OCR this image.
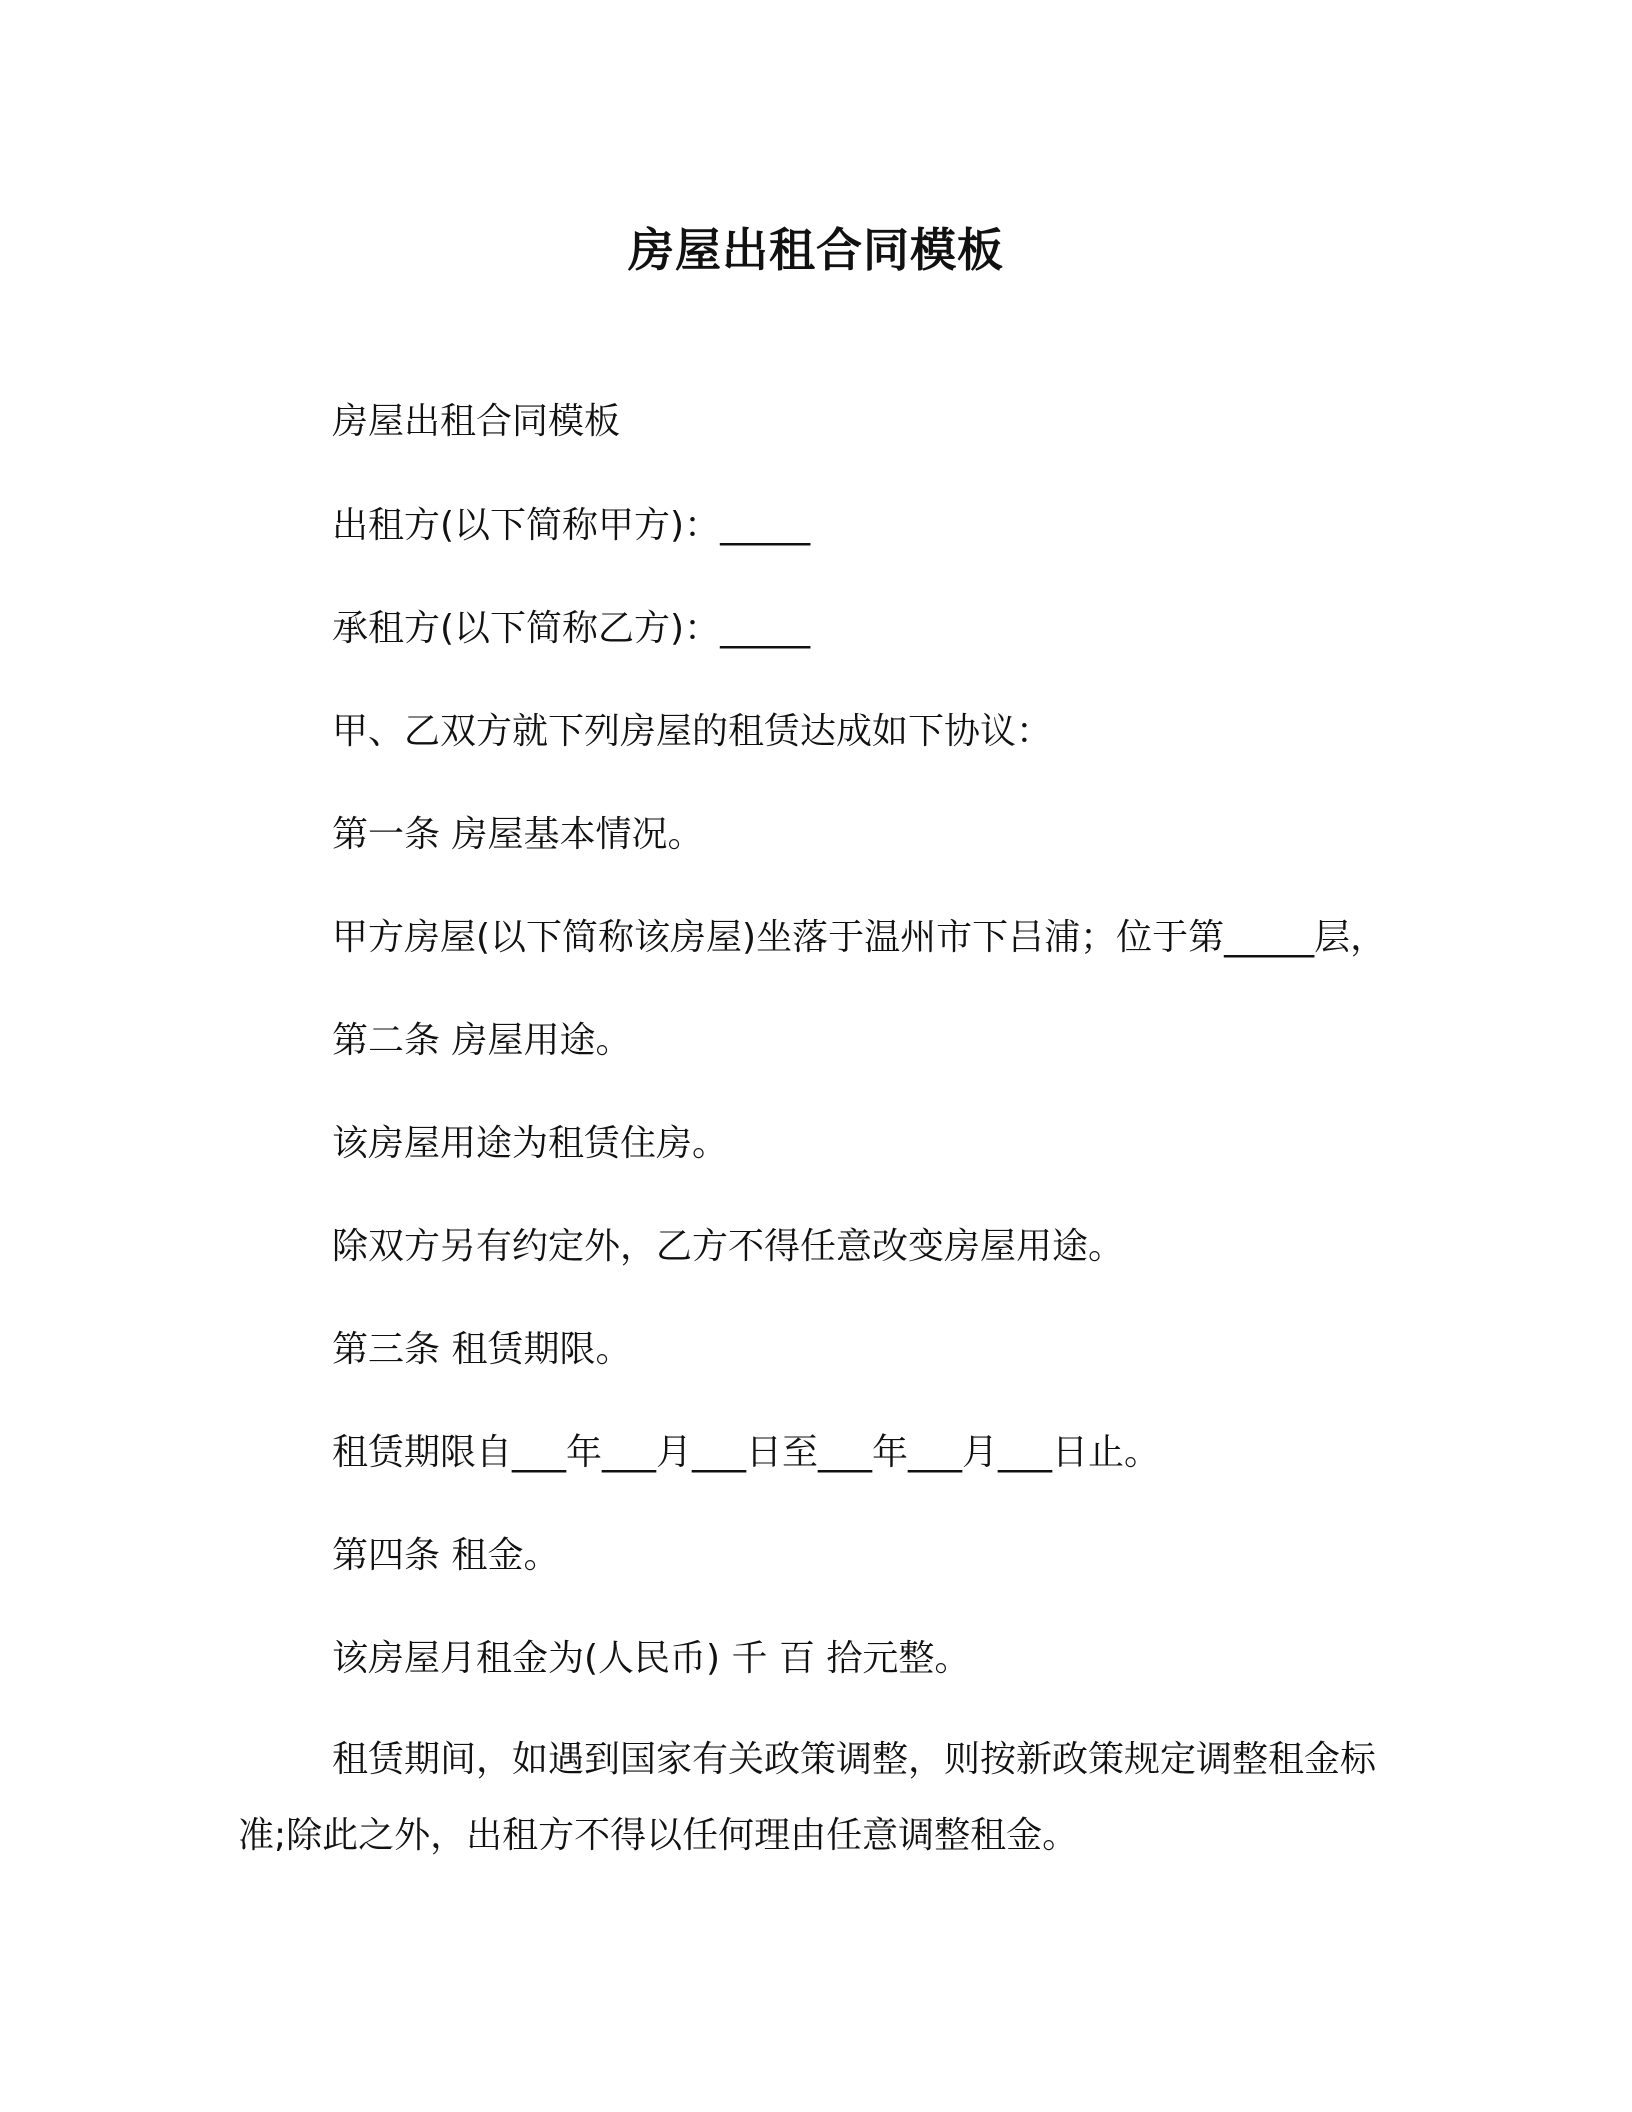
房屋出租合同模板
房屋出租合同模板
出租方(以下简称甲方)：_____
承租方(以下简称乙方)：_____
甲、乙双方就下列房屋的租赁达成如下协议：
第一条 房屋基本情况。
甲方房屋(以下简称该房屋)坐落于温州市下吕浦；位于第_____层，
第二条 房屋用途。
该房屋用途为租赁住房。
除双方另有约定外，乙方不得任意改变房屋用途。
第三条 租赁期限。
租赁期限自___年___月___日至___年___月___日止。
第四条 租金。
该房屋月租金为(人民币) 千 百 拾元整。
租赁期间，如遇到国家有关政策调整，则按新政策规定调整租金标准;除此之外，出租方不得以任何理由任意调整租金。
